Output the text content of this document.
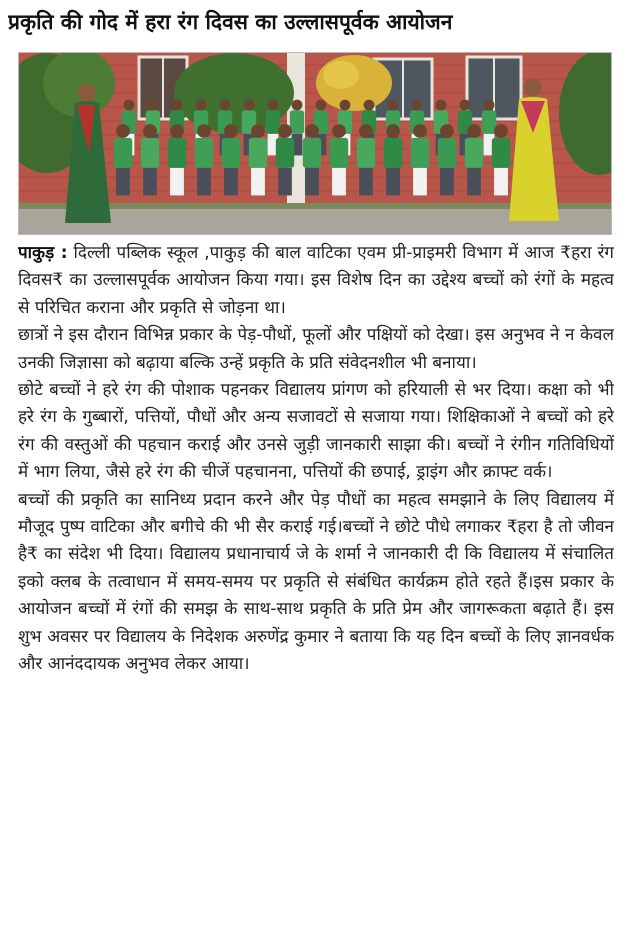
प्रकृति की गोद में हरा रंग दिवस का उल्लासपूर्वक आयोजन

पाकुड़ : दिल्ली पब्लिक स्कूल ,पाकुड़ की बाल वाटिका एवम प्री-प्राइमरी विभाग में आज ₹हरा रंग दिवस₹ का उल्लासपूर्वक आयोजन किया गया। इस विशेष दिन का उद्देश्य बच्चों को रंगों के महत्व से परिचित कराना और प्रकृति से जोड़ना था।

छात्रों ने इस दौरान विभिन्न प्रकार के पेड़-पौधों, फूलों और पक्षियों को देखा। इस अनुभव ने न केवल उनकी जिज्ञासा को बढ़ाया बल्कि उन्हें प्रकृति के प्रति संवेदनशील भी बनाया।

छोटे बच्चों ने हरे रंग की पोशाक पहनकर विद्यालय प्रांगण को हरियाली से भर दिया। कक्षा को भी हरे रंग के गुब्बारों, पत्तियों, पौधों और अन्य सजावटों से सजाया गया। शिक्षिकाओं ने बच्चों को हरे रंग की वस्तुओं की पहचान कराई और उनसे जुड़ी जानकारी साझा की। बच्चों ने रंगीन गतिविधियों में भाग लिया, जैसे हरे रंग की चीजें पहचानना, पत्तियों की छपाई, ड्राइंग और क्राफ्ट वर्क।

बच्चों की प्रकृति का सानिध्य प्रदान करने और पेड़ पौधों का महत्व समझाने के लिए विद्यालय में मौजूद पुष्प वाटिका और बगीचे की भी सैर कराई गई।बच्चों ने छोटे पौधे लगाकर ₹हरा है तो जीवन है₹ का संदेश भी दिया। विद्यालय प्रधानाचार्य जे के शर्मा ने जानकारी दी कि विद्यालय में संचालित इको क्लब के तत्वाधान में समय-समय पर प्रकृति से संबंधित कार्यक्रम होते रहते हैं।इस प्रकार के आयोजन बच्चों में रंगों की समझ के साथ-साथ प्रकृति के प्रति प्रेम और जागरूकता बढ़ाते हैं। इस शुभ अवसर पर विद्यालय के निदेशक अरुणेंद्र कुमार ने बताया कि यह दिन बच्चों के लिए ज्ञानवर्धक और आनंददायक अनुभव लेकर आया।
